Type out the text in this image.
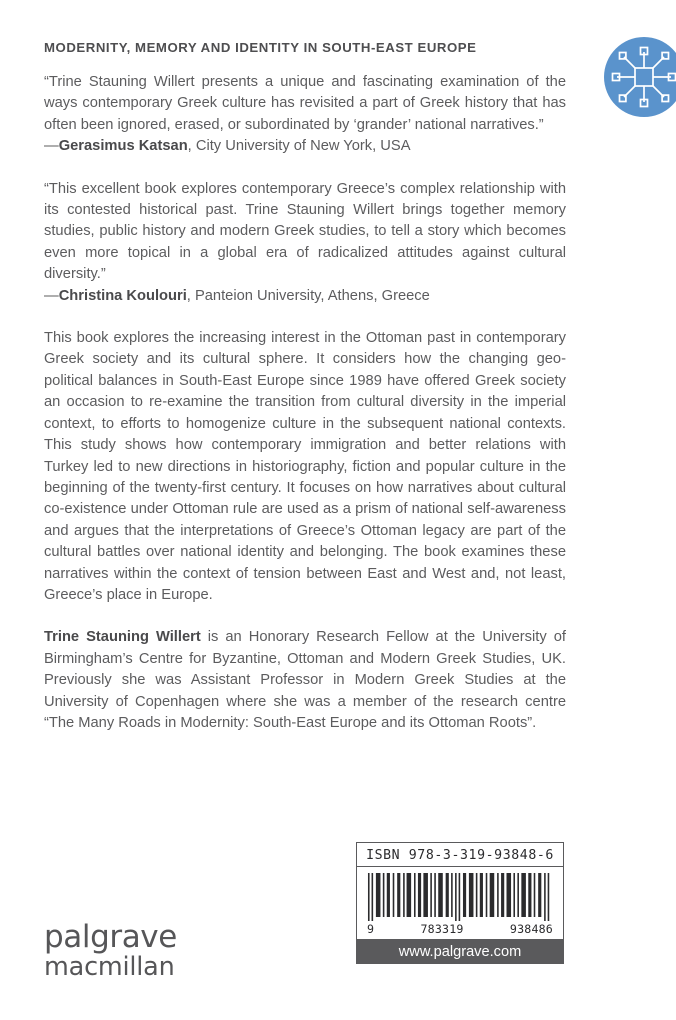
MODERNITY, MEMORY AND IDENTITY IN SOUTH-EAST EUROPE

“Trine Stauning Willert presents a unique and fascinating examination of the ways contemporary Greek culture has revisited a part of Greek history that has often been ignored, erased, or subordinated by ‘grander’ national narratives.”

—Gerasimus Katsan, City University of New York, USA

“This excellent book explores contemporary Greece’s complex relationship with its contested historical past. Trine Stauning Willert brings together memory studies, public history and modern Greek studies, to tell a story which becomes even more topical in a global era of radicalized attitudes against cultural diversity.”

—Christina Koulouri, Panteion University, Athens, Greece

This book explores the increasing interest in the Ottoman past in contemporary Greek society and its cultural sphere. It considers how the changing geo-political balances in South-East Europe since 1989 have offered Greek society an occasion to re-examine the transition from cultural diversity in the imperial context, to efforts to homogenize culture in the subsequent national contexts. This study shows how contemporary immigration and better relations with Turkey led to new directions in historiography, fiction and popular culture in the beginning of the twenty-first century. It focuses on how narratives about cultural co-existence under Ottoman rule are used as a prism of national self-awareness and argues that the interpretations of Greece’s Ottoman legacy are part of the cultural battles over national identity and belonging. The book examines these narratives within the context of tension between East and West and, not least, Greece’s place in Europe.

Trine Stauning Willert is an Honorary Research Fellow at the University of Birmingham’s Centre for Byzantine, Ottoman and Modern Greek Studies, UK. Previously she was Assistant Professor in Modern Greek Studies at the University of Copenhagen where she was a member of the research centre “The Many Roads in Modernity: South-East Europe and its Ottoman Roots”.

palgrave
macmillan
ISBN 978-3-319-93848-6
9	783319	938486
www.palgrave.com
